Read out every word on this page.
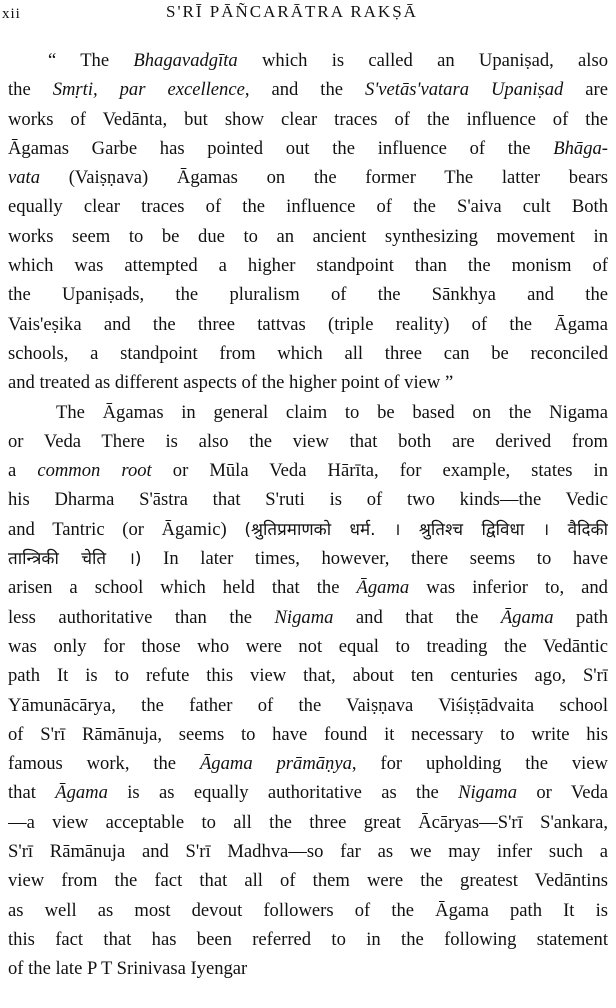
xii	S'RĪ PĀÑCARĀTRA RAKṢĀ
“ The Bhagavadgīta which is called an Upaniṣad, also
the Smṛti, par excellence, and the S'vetās'vatara Upaniṣad are
works of Vedānta, but show clear traces of the influence of the
Āgamas Garbe has pointed out the influence of the Bhāga-
vata (Vaiṣṇava) Āgamas on the former The latter bears
equally clear traces of the influence of the S'aiva cult Both
works seem to be due to an ancient synthesizing movement in
which was attempted a higher standpoint than the monism of
the Upaniṣads, the pluralism of the Sānkhya and the
Vais'eṣika and the three tattvas (triple reality) of the Āgama
schools, a standpoint from which all three can be reconciled
and treated as different aspects of the higher point of view ”
The Āgamas in general claim to be based on the Nigama
or Veda There is also the view that both are derived from
a common root or Mūla Veda Hārīta, for example, states in
his Dharma S'āstra that S'ruti is of two kinds—the Vedic
and Tantric (or Āgamic) (श्रुतिप्रमाणको धर्म. । श्रुतिश्च द्विविधा । वैदिकी
तान्त्रिकी चेति ।) In later times, however, there seems to have
arisen a school which held that the Āgama was inferior to, and
less authoritative than the Nigama and that the Āgama path
was only for those who were not equal to treading the Vedāntic
path It is to refute this view that, about ten centuries ago, S'rī
Yāmunācārya, the father of the Vaiṣṇava Viśiṣṭādvaita school
of S'rī Rāmānuja, seems to have found it necessary to write his
famous work, the Āgama prāmāṇya, for upholding the view
that Āgama is as equally authoritative as the Nigama or Veda
—a view acceptable to all the three great Ācāryas—S'rī S'ankara,
S'rī Rāmānuja and S'rī Madhva—so far as we may infer such a
view from the fact that all of them were the greatest Vedāntins
as well as most devout followers of the Āgama path It is
this fact that has been referred to in the following statement
of the late P T Srinivasa Iyengar
